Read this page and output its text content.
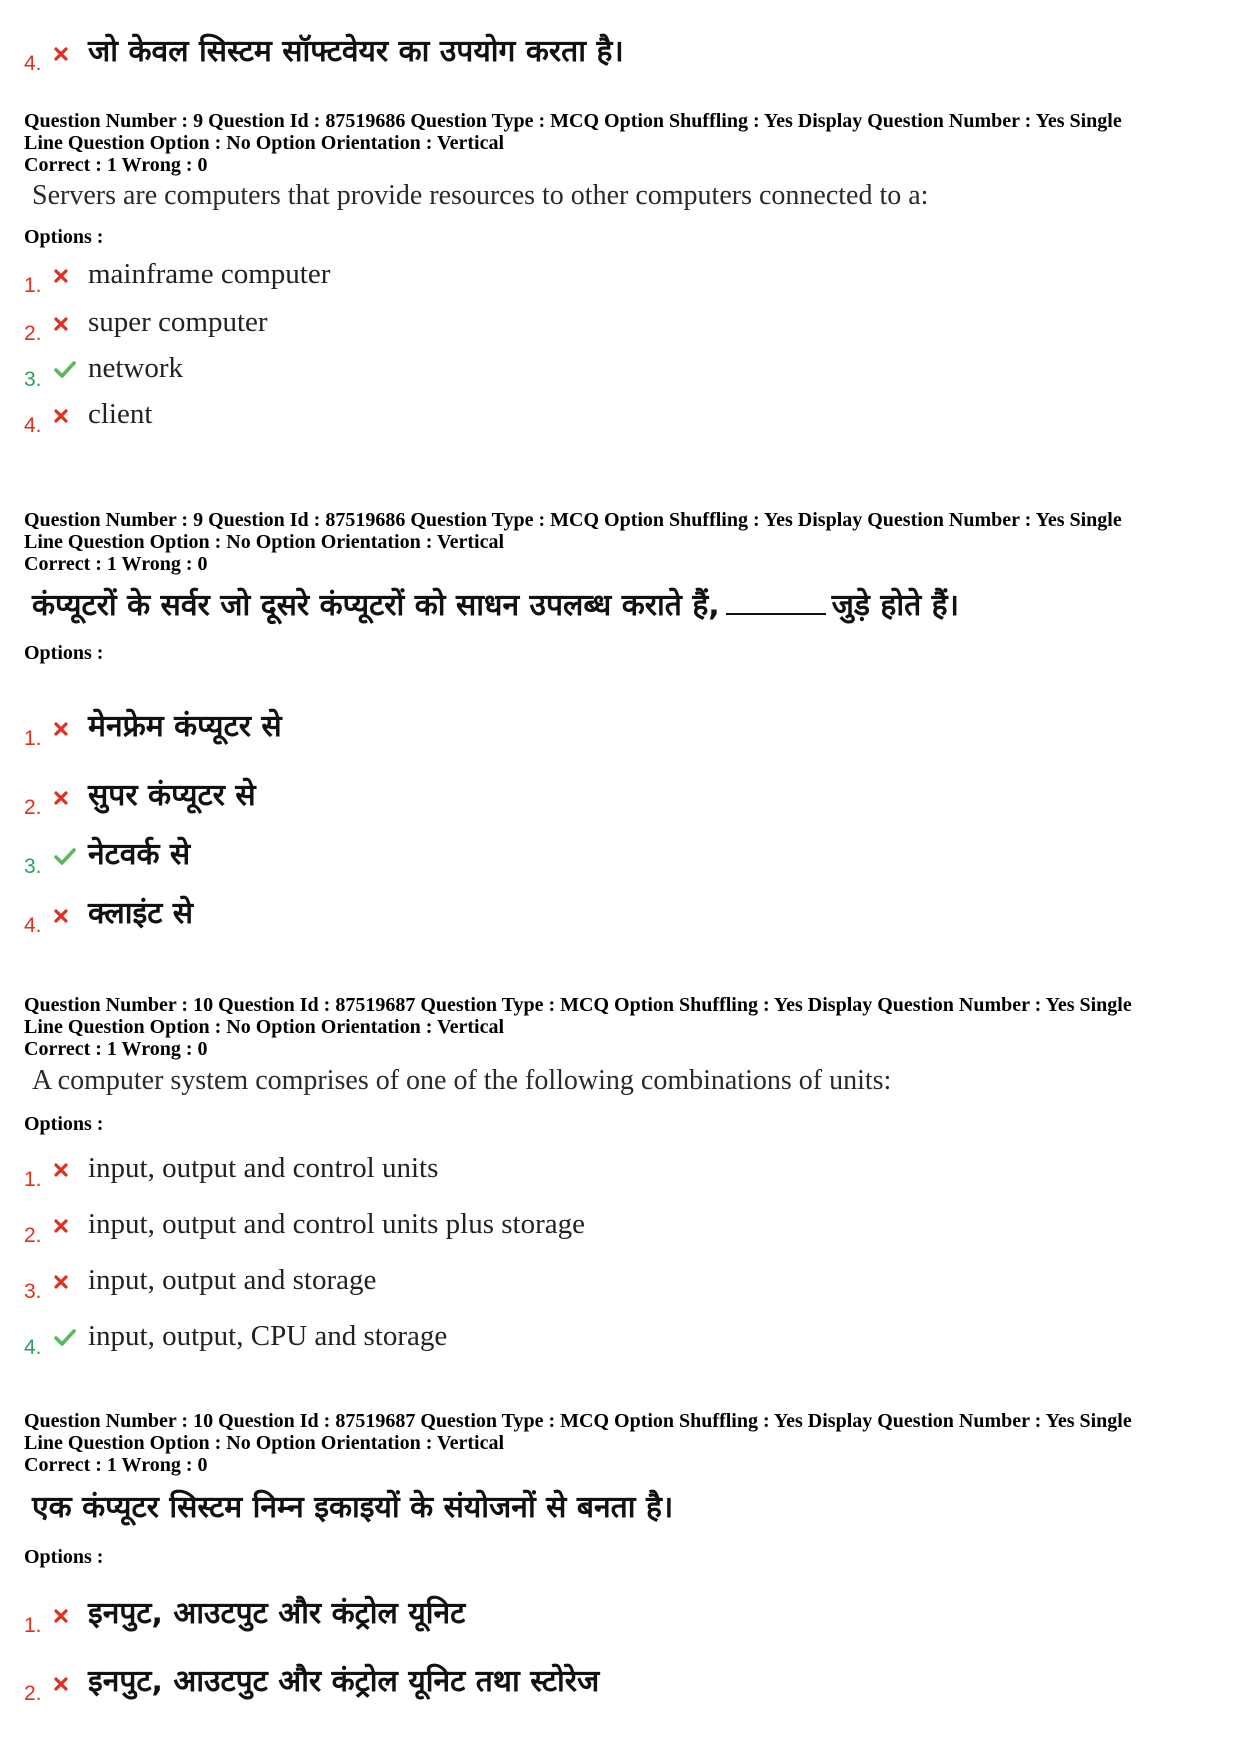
4.	जो केवल सिस्टम सॉफ्टवेयर का उपयोग करता है।
Question Number : 9 Question Id : 87519686 Question Type : MCQ Option Shuffling : Yes Display Question Number : Yes Single
Line Question Option : No Option Orientation : Vertical
Correct : 1 Wrong : 0
Servers are computers that provide resources to other computers connected to a:
Options :
1.	mainframe computer
2.	super computer
3.	network
4.	client
Question Number : 9 Question Id : 87519686 Question Type : MCQ Option Shuffling : Yes Display Question Number : Yes Single
Line Question Option : No Option Orientation : Vertical
Correct : 1 Wrong : 0
कंप्यूटरों के सर्वर जो दूसरे कंप्यूटरों को साधन उपलब्ध कराते हैं,	जुड़े होते हैं।
Options :
1.	मेनफ्रेम कंप्यूटर से
2.	सुपर कंप्यूटर से
3.	नेटवर्क से
4.	क्लाइंट से
Question Number : 10 Question Id : 87519687 Question Type : MCQ Option Shuffling : Yes Display Question Number : Yes Single
Line Question Option : No Option Orientation : Vertical
Correct : 1 Wrong : 0
A computer system comprises of one of the following combinations of units:
Options :
1.	input, output and control units
2.	input, output and control units plus storage
3.	input, output and storage
4.	input, output, CPU and storage
Question Number : 10 Question Id : 87519687 Question Type : MCQ Option Shuffling : Yes Display Question Number : Yes Single
Line Question Option : No Option Orientation : Vertical
Correct : 1 Wrong : 0
एक कंप्यूटर सिस्टम निम्न इकाइयों के संयोजनों से बनता है।
Options :
1.	इनपुट, आउटपुट और कंट्रोल यूनिट
2.	इनपुट, आउटपुट और कंट्रोल यूनिट तथा स्टोरेज
